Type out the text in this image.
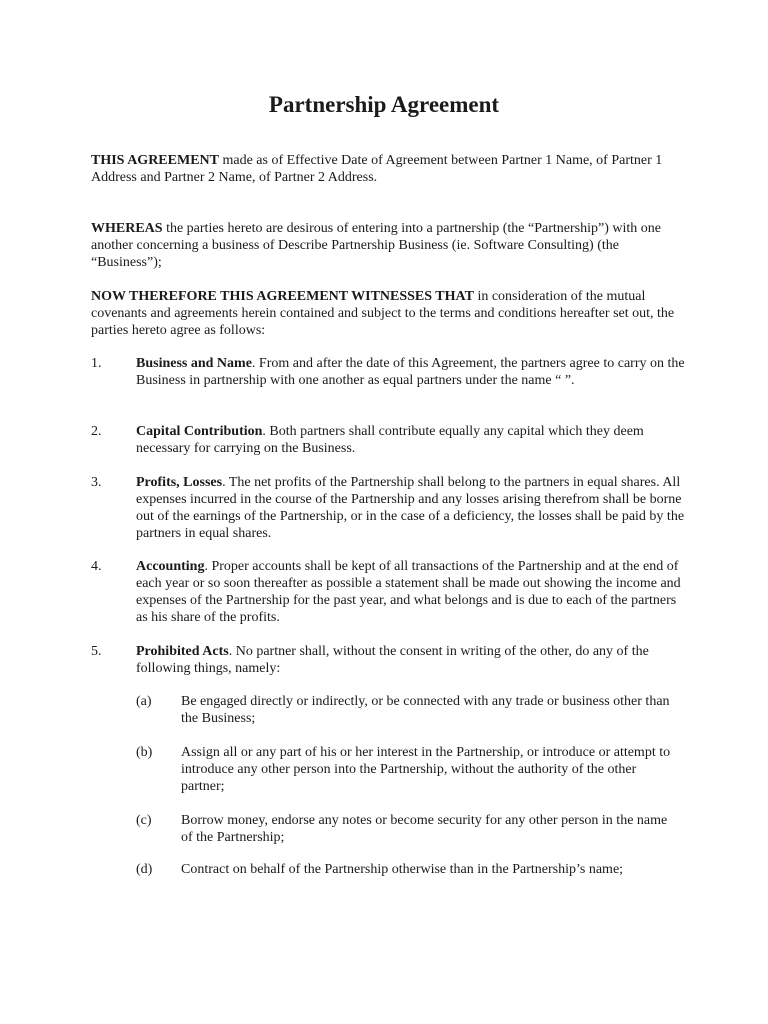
Partnership Agreement

THIS AGREEMENT made as of Effective Date of Agreement between Partner 1 Name, of Partner 1 Address and Partner 2 Name, of Partner 2 Address.

WHEREAS the parties hereto are desirous of entering into a partnership (the “Partnership”) with one another concerning a business of Describe Partnership Business (ie. Software Consulting) (the “Business”);

NOW THEREFORE THIS AGREEMENT WITNESSES THAT in consideration of the mutual covenants and agreements herein contained and subject to the terms and conditions hereafter set out, the parties hereto agree as follows:

1. Business and Name. From and after the date of this Agreement, the partners agree to carry on the Business in partnership with one another as equal partners under the name “ ”.
2. Capital Contribution. Both partners shall contribute equally any capital which they deem necessary for carrying on the Business.
3. Profits, Losses. The net profits of the Partnership shall belong to the partners in equal shares. All expenses incurred in the course of the Partnership and any losses arising therefrom shall be borne out of the earnings of the Partnership, or in the case of a deficiency, the losses shall be paid by the partners in equal shares.
4. Accounting. Proper accounts shall be kept of all transactions of the Partnership and at the end of each year or so soon thereafter as possible a statement shall be made out showing the income and expenses of the Partnership for the past year, and what belongs and is due to each of the partners as his share of the profits.
5. Prohibited Acts. No partner shall, without the consent in writing of the other, do any of the following things, namely:
(a) Be engaged directly or indirectly, or be connected with any trade or business other than the Business;
(b) Assign all or any part of his or her interest in the Partnership, or introduce or attempt to introduce any other person into the Partnership, without the authority of the other partner;
(c) Borrow money, endorse any notes or become security for any other person in the name of the Partnership;
(d) Contract on behalf of the Partnership otherwise than in the Partnership’s name;
